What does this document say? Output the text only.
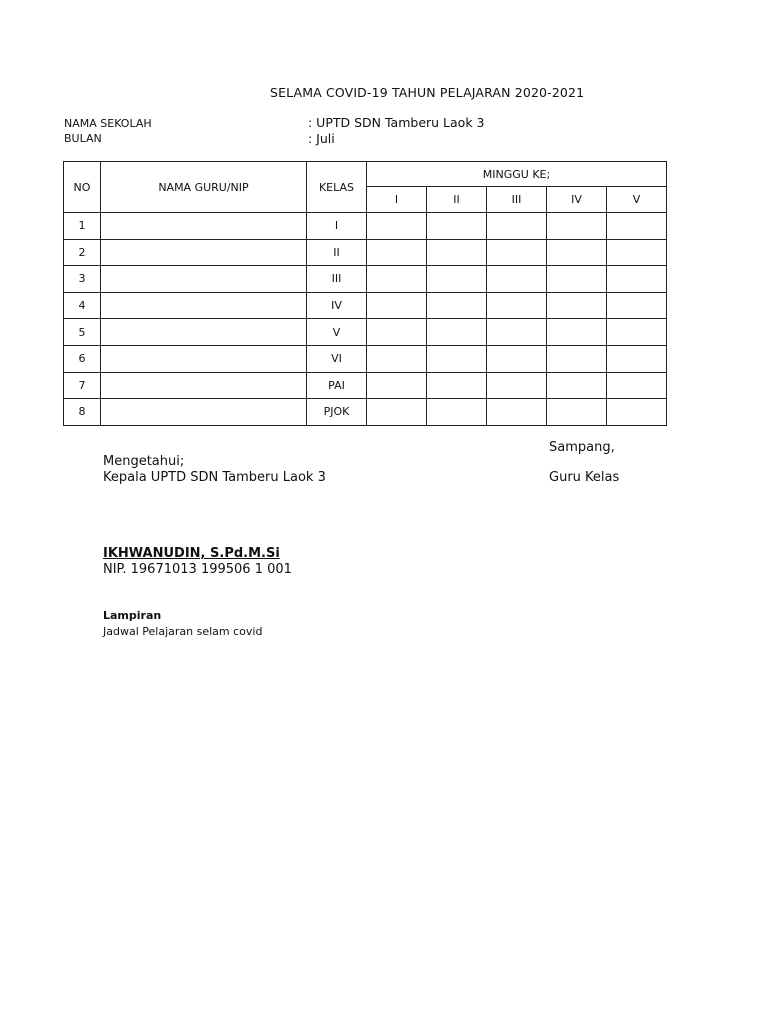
SELAMA COVID-19 TAHUN PELAJARAN 2020-2021
NAMA SEKOLAH	: UPTD SDN Tamberu Laok 3
BULAN	: Juli
NO	NAMA GURU/NIP	KELAS	MINGGU KE;				
			I	II	III	IV	V
1		I					
2		II					
3		III					
4		IV					
5		V					
6		VI					
7		PAI					
8		PJOK					
Sampang,
Mengetahui;
Kepala UPTD SDN Tamberu Laok 3	Guru Kelas
IKHWANUDIN, S.Pd.M.Si
NIP. 19671013 199506 1 001
Lampiran
Jadwal Pelajaran selam covid
